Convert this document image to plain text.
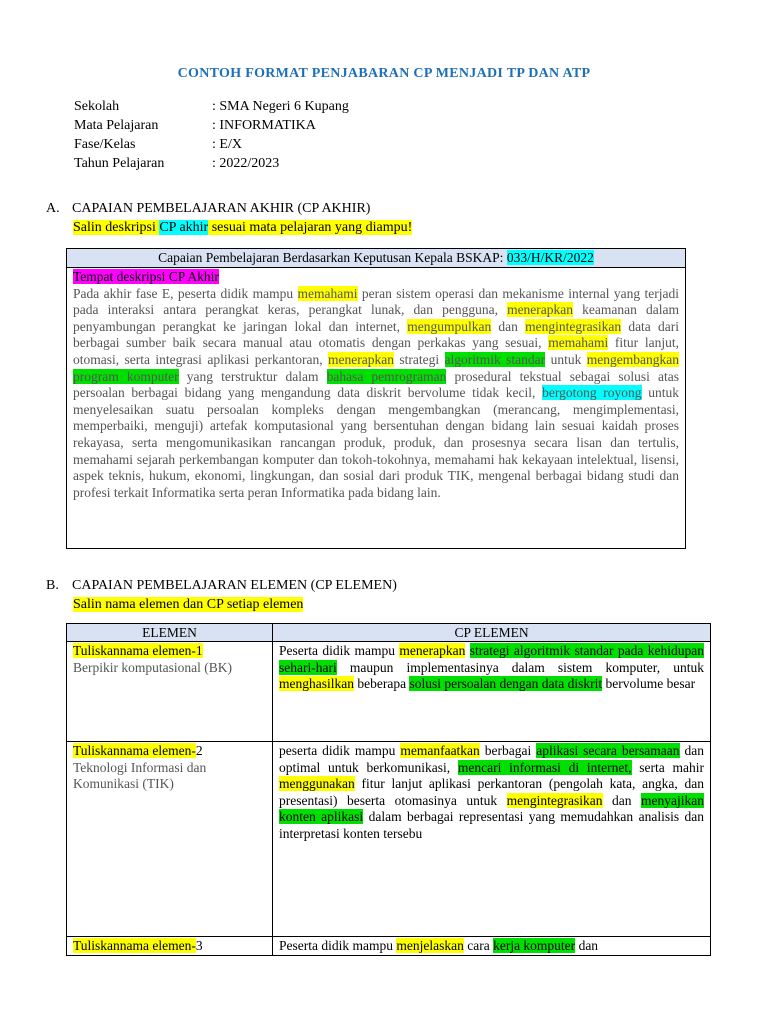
CONTOH FORMAT PENJABARAN CP MENJADI TP DAN ATP
Sekolah	: SMA Negeri 6 Kupang
Mata Pelajaran	: INFORMATIKA
Fase/Kelas	: E/X
Tahun Pelajaran	: 2022/2023
A. CAPAIAN PEMBELAJARAN AKHIR (CP AKHIR)
Salin deskripsi CP akhir sesuai mata pelajaran yang diampu!
Capaian Pembelajaran Berdasarkan Keputusan Kepala BSKAP: 033/H/KR/2022
Tempat deskripsi CP Akhir
Pada akhir fase E, peserta didik mampu memahami peran sistem operasi dan mekanisme internal yang terjadi pada interaksi antara perangkat keras, perangkat lunak, dan pengguna, menerapkan keamanan dalam penyambungan perangkat ke jaringan lokal dan internet, mengumpulkan dan mengintegrasikan data dari berbagai sumber baik secara manual atau otomatis dengan perkakas yang sesuai, memahami fitur lanjut, otomasi, serta integrasi aplikasi perkantoran, menerapkan strategi algoritmik standar untuk mengembangkan program komputer yang terstruktur dalam bahasa pemrograman prosedural tekstual sebagai solusi atas persoalan berbagai bidang yang mengandung data diskrit bervolume tidak kecil, bergotong royong untuk menyelesaikan suatu persoalan kompleks dengan mengembangkan (merancang, mengimplementasi, memperbaiki, menguji) artefak komputasional yang bersentuhan dengan bidang lain sesuai kaidah proses rekayasa, serta mengomunikasikan rancangan produk, produk, dan prosesnya secara lisan dan tertulis, memahami sejarah perkembangan komputer dan tokoh-tokohnya, memahami hak kekayaan intelektual, lisensi, aspek teknis, hukum, ekonomi, lingkungan, dan sosial dari produk TIK, mengenal berbagai bidang studi dan profesi terkait Informatika serta peran Informatika pada bidang lain.
B. CAPAIAN PEMBELAJARAN ELEMEN (CP ELEMEN)
Salin nama elemen dan CP setiap elemen
ELEMEN	CP ELEMEN
Tuliskannama elemen-1
Berpikir komputasional (BK)	Peserta didik mampu menerapkan strategi algoritmik standar pada kehidupan sehari-hari maupun implementasinya dalam sistem komputer, untuk menghasilkan beberapa solusi persoalan dengan data diskrit bervolume besar

Tuliskannama elemen-2
Teknologi Informasi dan Komunikasi (TIK)	peserta didik mampu memanfaatkan berbagai aplikasi secara bersamaan dan optimal untuk berkomunikasi, mencari informasi di internet, serta mahir menggunakan fitur lanjut aplikasi perkantoran (pengolah kata, angka, dan presentasi) beserta otomasinya untuk mengintegrasikan dan menyajikan konten aplikasi dalam berbagai representasi yang memudahkan analisis dan interpretasi konten tersebu

Tuliskannama elemen-3	Peserta didik mampu menjelaskan cara kerja komputer dan
